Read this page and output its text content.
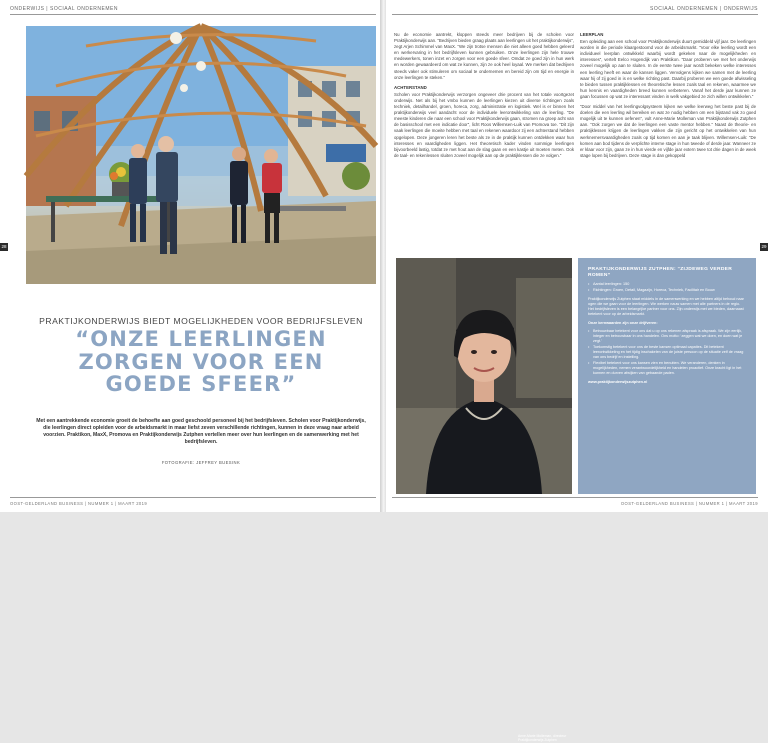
ONDERWIJS | SOCIAAL ONDERNEMEN
Anne-Marie Molleman,
Arno Weenink, Kim Brinkman en Sjetske Zijlstra.
28
PRAKTIJKONDERWIJS BIEDT MOGELIJKHEDEN VOOR BEDRIJFSLEVEN
“ONZE LEERLINGEN
ZORGEN VOOR EEN
GOEDE SFEER”
Met een aantrekkende economie groeit de behoefte aan goed geschoold personeel bij het bedrijfsleven. Scholen voor Praktijkonderwijs, die leerlingen direct opleiden voor de arbeidsmarkt in maar liefst zeven verschillende richtingen, kunnen in deze vraag naar arbeid voorzien. Praktikon, MaxX, Promova en Praktijkonderwijs Zutphen vertellen meer over hun leerlingen en de samenwerking met het bedrijfsleven.
FOTOGRAFIE: JEFFREY BUESINK
OOST-GELDERLAND BUSINESS | NUMMER 1 | MAART 2019
SOCIAAL ONDERNEMEN | ONDERWIJS

Nu de economie aantrekt, kloppen steeds meer bedrijven bij de scholen voor Praktijkonderwijs aan. “Bedrijven bieden graag plaats aan leerlingen uit het praktijkonderwijs”, zegt Arjen Schimmel van MaxX. “We zijn trotse mensen die niet alleen goed hebben geleerd en werkervaring in het bedrijfsleven kunnen gebruiken. Onze leerlingen zijn hele trouwe medewerkers, tonen inzet en zorgen voor een goede sfeer. Omdat ze goed zijn in hun werk en worden gewaardeerd om wat ze kunnen, zijn ze ook heel loyaal. We merken dat bedrijven steeds vaker ook stimuleren om sociaal te ondernemen en bereid zijn om tijd en energie in onze leerlingen te steken.”

ACHTERSTAND

Scholen voor Praktijkonderwijs verzorgen ongeveer drie procent van het totale voortgezet onderwijs. Net als bij het vmbo kunnen de leerlingen kiezen uit diverse richtingen zoals techniek, detailhandel, groen, horeca, zorg, administratie en logistiek. Wel is er binnen het praktijkonderwijs veel aandacht voor de individuele leerontwikkeling van de leerling. “De meeste kinderen die naar een school voor Praktijkonderwijs gaan, stromen na groep acht van de basisschool met een indicatie door”, licht Roos Willemsen-Luik van Promova toe. “Dit zijn vaak leerlingen die moeite hebben met taal en rekenen waardoor zij een achterstand hebben opgelopen. Deze jongeren leren het beste als ze in de praktijk kunnen ontdekken waar hun interesses en vaardigheden liggen. Het theoretisch kader vinden sommige leerlingen bijvoorbeeld lastig, totdat ze met hout aan de slag gaan en een kastje uit moeten meten. Ook de taal- en rekenlessen sluiten zoveel mogelijk aan op de praktijklessen die ze volgen.”

LEERPLAN

Een opleiding aan een school voor Praktijkonderwijs duurt gemiddeld vijf jaar. De leerlingen worden in die periode klaargestoomd voor de arbeidsmarkt. “Voor elke leerling wordt een individueel leerplan ontwikkeld waarbij wordt gekeken naar de mogelijkheden en interesses”, vertelt Eelco Hogendijk van Praktikon. “Daar proberen we met het onderwijs zoveel mogelijk op aan te sluiten. In de eerste twee jaar wordt bekeken welke interesses een leerling heeft en waar de kansen liggen. Vervolgens kijken we samen met de leerling waar hij of zij goed in is en welke richting past. Daarbij proberen we een goede afwisseling te bieden tussen praktijklessen en theoretische lessen zoals taal en rekenen, waarmee we hun kennis en vaardigheden breed kunnen verbeteren. Vanaf het derde jaar kunnen ze gaan focussen op wat ze interessant vinden in welk vakgebied ze zich willen ontwikkelen.”

“Door middel van het leerlingvolgsysteem kijken we welke leerweg het beste past bij de doelen die een leerling wil bereiken en wat ze nodig hebben om een bijstand vak zo goed mogelijk uit te kunnen oefenen”, vult Anne-Marie Molleman van Praktijkonderwijs Zutphen aan. “Ook zorgen we dat de leerlingen een vaste mentor hebben.” Naast de theorie- en praktijklessen krijgen de leerlingen vakken die zijn gericht op het ontwikkelen van hun werknemersvaardigheden zoals op tijd komen en aan je taak blijven. Willemsen-Luik: “De komen aan bod tijdens de verplichte interne stage in hun tweede of derde jaar. Wanneer ze er klaar voor zijn, gaan ze in hun vierde en vijfde jaar extern twee tot drie dagen in de week stage lopen bij bedrijven. Deze stage is dan gekoppeld

29
Anne-Marie Molleman, directeur
Praktijkonderwijs Zutphen
PRAKTIJKONDERWIJS ZUTPHEN: “ZIJDEWEG VERDER ROMEN”
• Aantal leerlingen: 150
• Richtingen: Groen, Detail, Magazijn, Horeca, Techniek, Facilitair en Bouw

Praktijkonderwijs Zutphen staat middels in de samenwerking en we hebben altijd behoud naar ogen die we gaan voor de leerlingen. We werken nauw samen met alle partners in de regio. Het bedrijfsleven is een belangrijke partner voor ons. Zijn onderwijs met we bieden, daarnaast betekent voor op de arbeidsmarkt.

Onze kernwaarden zijn onze drijfveren:
• Betrouwbaar betekent voor ons dat u op ons rekenen afspraak is afspraak. We zijn eerlijk, integer en betrouwbaar in ons handelen. Ons motto: ‘zeggen wat we doen, en doen wat je zegt.’
• Toekomstig betekent voor ons de beste kansen optimaal capaties. Dit betekent leerontwikkeling en het tijdig inschakelen van de juiste persoon op de situatie zelf de vraag van ons bedrijf en instelling.
• Flexibel betekent voor ons kansen zien en benutten. We veranderen, denken in mogelijkheden, nemen verantwoordelijkheid en handelen proactief. Onze kracht ligt in het kunnen en durven afwijken van gebaande paden.
www.praktijkonderwijszutphen.nl
OOST-GELDERLAND BUSINESS | NUMMER 1 | MAART 2019
